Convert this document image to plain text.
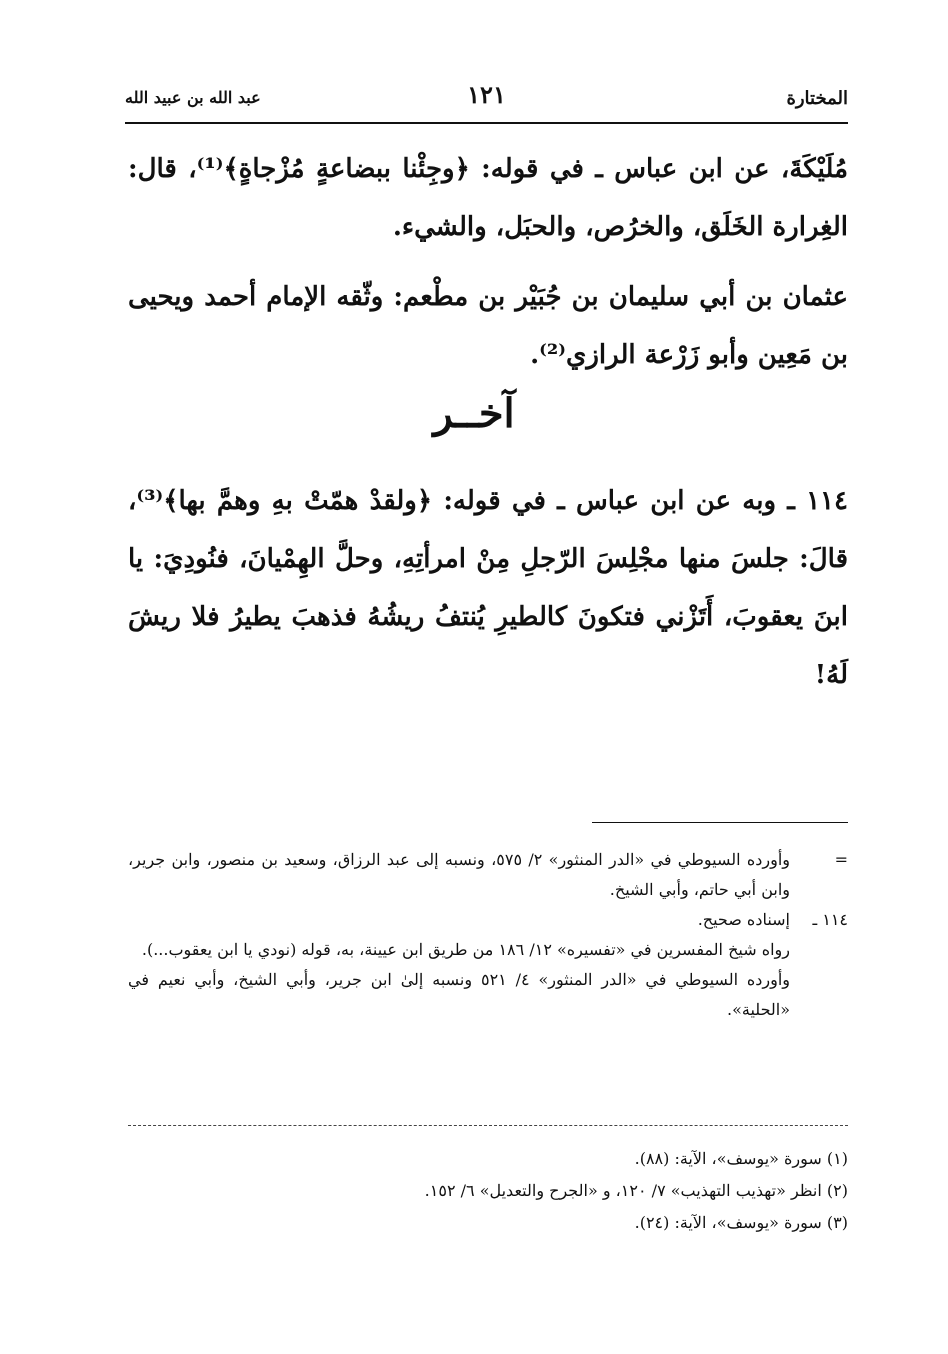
المختارة
١٢١
عبد الله بن عبيد الله
مُلَيْكَةَ، عن ابن عباس ـ في قوله: ﴿وجِئْنا ببضاعةٍ مُزْجاةٍ﴾⁽¹⁾، قال: الغِرارة الخَلَق، والخرُص، والحبَل، والشيء.
عثمان بن أبي سليمان بن جُبَيْر بن مطْعم: وثّقه الإمام أحمد ويحيى بن مَعِين وأبو زَرْعة الرازي⁽²⁾.
آخــر
١١٤ ـ وبه عن ابن عباس ـ في قوله: ﴿ولقدْ همّتْ بهِ وهمَّ بها﴾⁽³⁾، قالَ: جلسَ منها مجْلِسَ الرّجلِ مِنْ امرأتِهِ، وحلَّ الهِمْيانَ، فنُودِيَ: يا ابنَ يعقوبَ، أَتَزْني فتكونَ كالطيرِ يُنتفُ ريشُهُ فذهبَ يطيرُ فلا ريشَ لَهُ!
=
وأورده السيوطي في «الدر المنثور» ٢/ ٥٧٥، ونسبه إلى عبد الرزاق، وسعيد بن منصور، وابن جرير، وابن أبي حاتم، وأبي الشيخ.
١١٤ ـ
إسناده صحيح.
رواه شيخ المفسرين في «تفسيره» ١٢/ ١٨٦ من طريق ابن عيينة، به، قوله (نودي يا ابن يعقوب...).
وأورده السيوطي في «الدر المنثور» ٤/ ٥٢١ ونسبه إلىٰ ابن جرير، وأبي الشيخ، وأبي نعيم في «الحلية».
(١) سورة «يوسف»، الآية: (٨٨).
(٢) انظر «تهذيب التهذيب» ٧/ ١٢٠، و «الجرح والتعديل» ٦/ ١٥٢.
(٣) سورة «يوسف»، الآية: (٢٤).
